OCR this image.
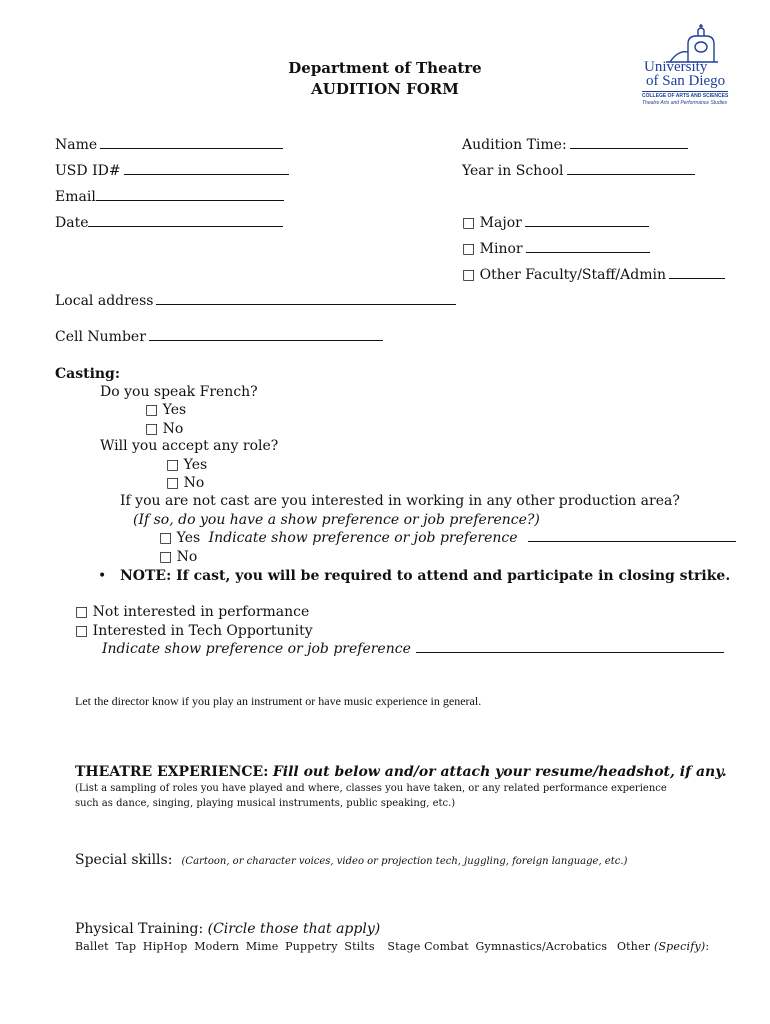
Department of Theatre
AUDITION FORM
University
of San Diego
COLLEGE OF ARTS AND SCIENCES
Theatre Arts and Performance Studies
Name
USD ID#
Email
Date
Audition Time:
Year in School
□ Major
□ Minor
□ Other Faculty/Staff/Admin
Local address
Cell Number
Casting:
Do you speak French?
□ Yes
□ No
Will you accept any role?
□ Yes
□ No
If you are not cast are you interested in working in any other production area?
(If so, do you have a show preference or job preference?)
□ Yes Indicate show preference or job preference
□ No
• NOTE: If cast, you will be required to attend and participate in closing strike.
□ Not interested in performance
□ Interested in Tech Opportunity
Indicate show preference or job preference
Let the director know if you play an instrument or have music experience in general.
THEATRE EXPERIENCE: Fill out below and/or attach your resume/headshot, if any.
(List a sampling of roles you have played and where, classes you have taken, or any related performance experience
such as dance, singing, playing musical instruments, public speaking, etc.)
Special skills: (Cartoon, or character voices, video or projection tech, juggling, foreign language, etc.)
Physical Training: (Circle those that apply)
Ballet Tap HipHop Modern Mime Puppetry Stilts Stage Combat Gymnastics/Acrobatics Other (Specify):
